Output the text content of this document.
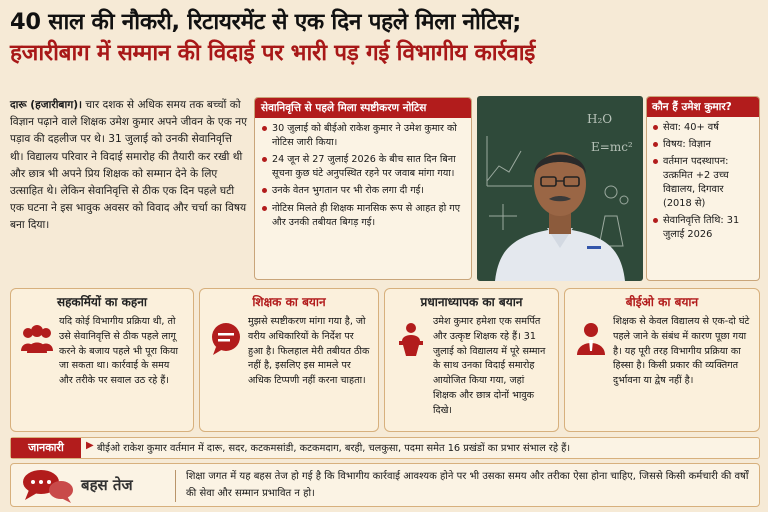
40 साल की नौकरी, रिटायरमेंट से एक दिन पहले मिला नोटिस;
हजारीबाग में सम्मान की विदाई पर भारी पड़ गई विभागीय कार्रवाई
दारू (हजारीबाग)। चार दशक से अधिक समय तक बच्चों को विज्ञान पढ़ाने वाले शिक्षक उमेश कुमार अपने जीवन के एक नए पड़ाव की दहलीज पर थे। 31 जुलाई को उनकी सेवानिवृत्ति थी। विद्यालय परिवार ने विदाई समारोह की तैयारी कर रखी थी और छात्र भी अपने प्रिय शिक्षक को सम्मान देने के लिए उत्साहित थे। लेकिन सेवानिवृत्ति से ठीक एक दिन पहले घटी एक घटना ने इस भावुक अवसर को विवाद और चर्चा का विषय बना दिया।
सेवानिवृत्ति से पहले मिला स्पष्टीकरण नोटिस
30 जुलाई को बीईओ राकेश कुमार ने उमेश कुमार को नोटिस जारी किया।
24 जून से 27 जुलाई 2026 के बीच सात दिन बिना सूचना कुछ घंटे अनुपस्थित रहने पर जवाब मांगा गया।
उनके वेतन भुगतान पर भी रोक लगा दी गई।
नोटिस मिलते ही शिक्षक मानसिक रूप से आहत हो गए और उनकी तबीयत बिगड़ गई।
H₂O
E=mc²
कौन हैं उमेश कुमार?
सेवा: 40+ वर्ष
विषय: विज्ञान
वर्तमान पदस्थापन: उत्क्रमित +2 उच्च विद्यालय, दिगवार (2018 से)
सेवानिवृत्ति तिथि: 31 जुलाई 2026
सहकर्मियों का कहना
यदि कोई विभागीय प्रक्रिया थी, तो उसे सेवानिवृत्ति से ठीक पहले लागू करने के बजाय पहले भी पूरा किया जा सकता था। कार्रवाई के समय और तरीके पर सवाल उठ रहे हैं।
शिक्षक का बयान
मुझसे स्पष्टीकरण मांगा गया है, जो वरीय अधिकारियों के निर्देश पर हुआ है। फिलहाल मेरी तबीयत ठीक नहीं है, इसलिए इस मामले पर अधिक टिप्पणी नहीं करना चाहता।
प्रधानाध्यापक का बयान
उमेश कुमार हमेशा एक समर्पित और उत्कृष्ट शिक्षक रहे हैं। 31 जुलाई को विद्यालय में पूरे सम्मान के साथ उनका विदाई समारोह आयोजित किया गया, जहां शिक्षक और छात्र दोनों भावुक दिखे।
बीईओ का बयान
शिक्षक से केवल विद्यालय से एक-दो घंटे पहले जाने के संबंध में कारण पूछा गया है। यह पूरी तरह विभागीय प्रक्रिया का हिस्सा है। किसी प्रकार की व्यक्तिगत दुर्भावना या द्वेष नहीं है।
जानकारी	▶ बीईओ राकेश कुमार वर्तमान में दारू, सदर, कटकमसांडी, कटकमदाग, बरही, चलकुसा, पदमा समेत 16 प्रखंडों का प्रभार संभाल रहे हैं।
बहस तेज	शिक्षा जगत में यह बहस तेज हो गई है कि विभागीय कार्रवाई आवश्यक होने पर भी उसका समय और तरीका ऐसा होना चाहिए, जिससे किसी कर्मचारी की वर्षों की सेवा और सम्मान प्रभावित न हो।
